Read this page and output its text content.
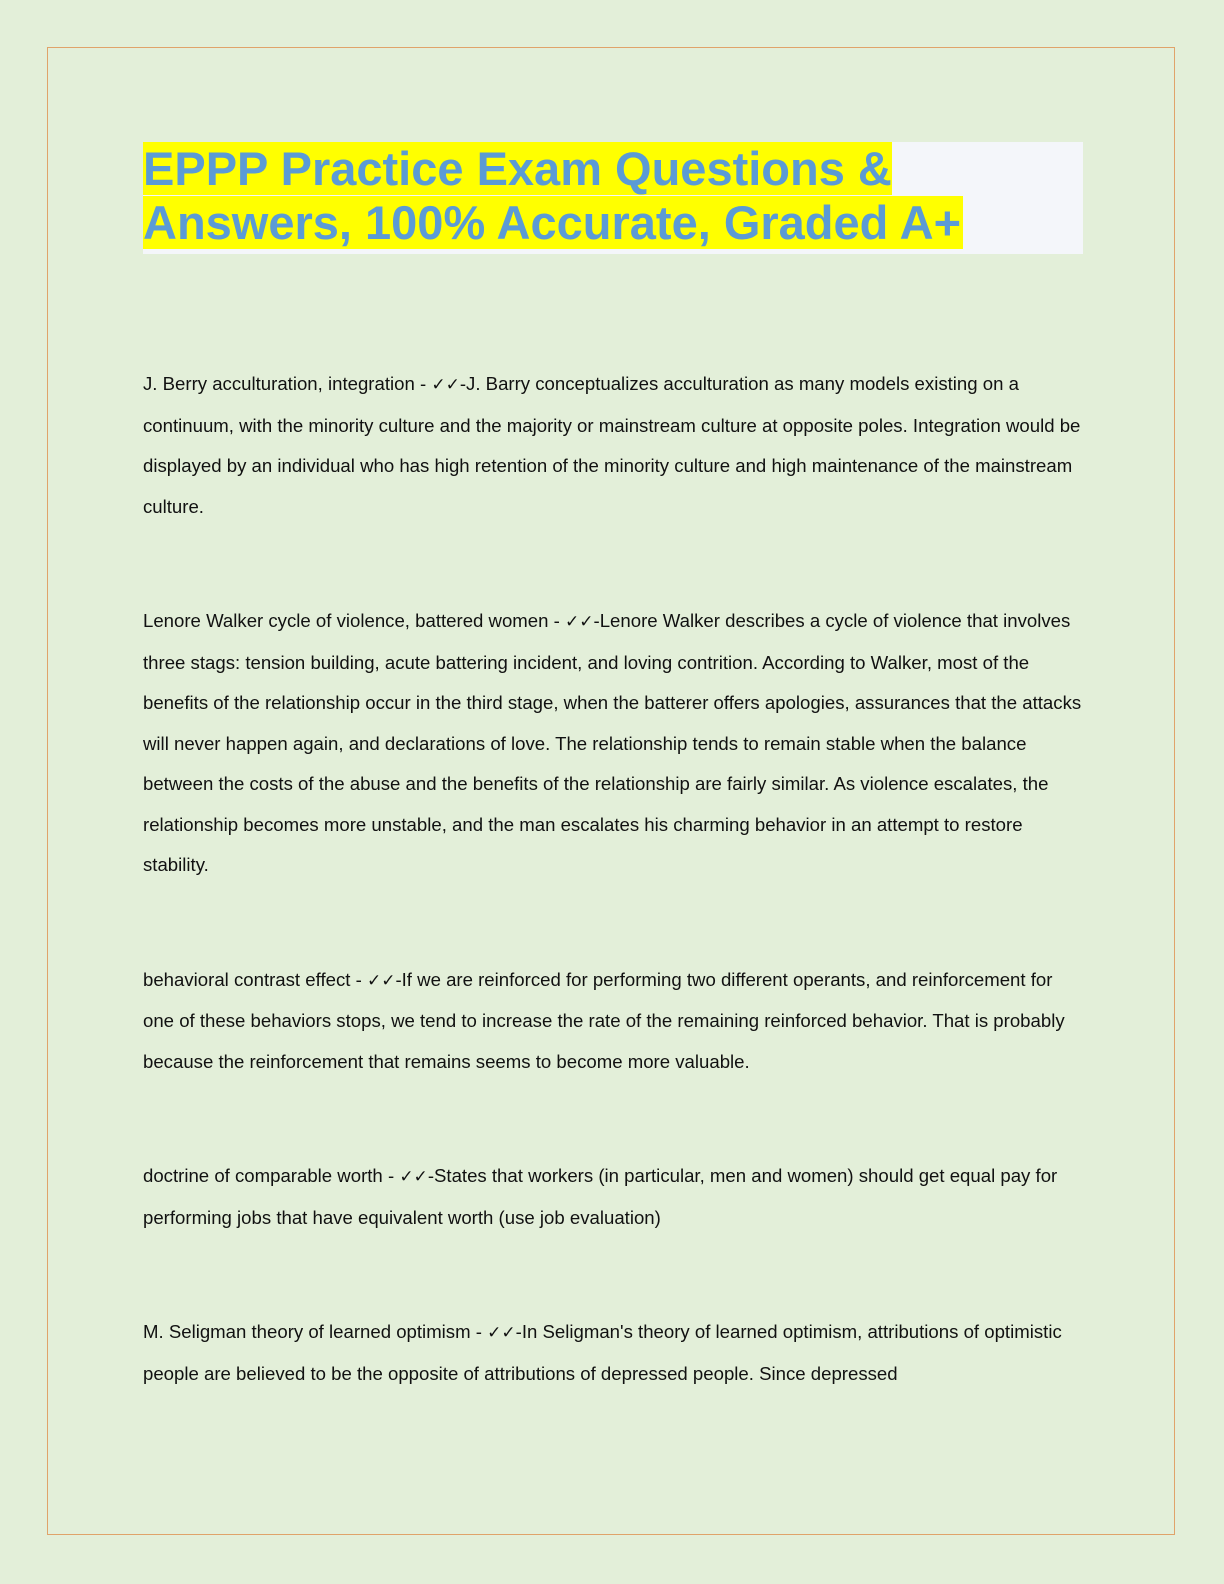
EPPP Practice Exam Questions & Answers, 100% Accurate, Graded A+

J. Berry acculturation, integration - ✓✓-J. Barry conceptualizes acculturation as many models existing on a continuum, with the minority culture and the majority or mainstream culture at opposite poles. Integration would be displayed by an individual who has high retention of the minority culture and high maintenance of the mainstream culture.

Lenore Walker cycle of violence, battered women - ✓✓-Lenore Walker describes a cycle of violence that involves three stags: tension building, acute battering incident, and loving contrition. According to Walker, most of the benefits of the relationship occur in the third stage, when the batterer offers apologies, assurances that the attacks will never happen again, and declarations of love. The relationship tends to remain stable when the balance between the costs of the abuse and the benefits of the relationship are fairly similar. As violence escalates, the relationship becomes more unstable, and the man escalates his charming behavior in an attempt to restore stability.

behavioral contrast effect - ✓✓-If we are reinforced for performing two different operants, and reinforcement for one of these behaviors stops, we tend to increase the rate of the remaining reinforced behavior. That is probably because the reinforcement that remains seems to become more valuable.

doctrine of comparable worth - ✓✓-States that workers (in particular, men and women) should get equal pay for performing jobs that have equivalent worth (use job evaluation)

M. Seligman theory of learned optimism - ✓✓-In Seligman's theory of learned optimism, attributions of optimistic people are believed to be the opposite of attributions of depressed people. Since depressed
